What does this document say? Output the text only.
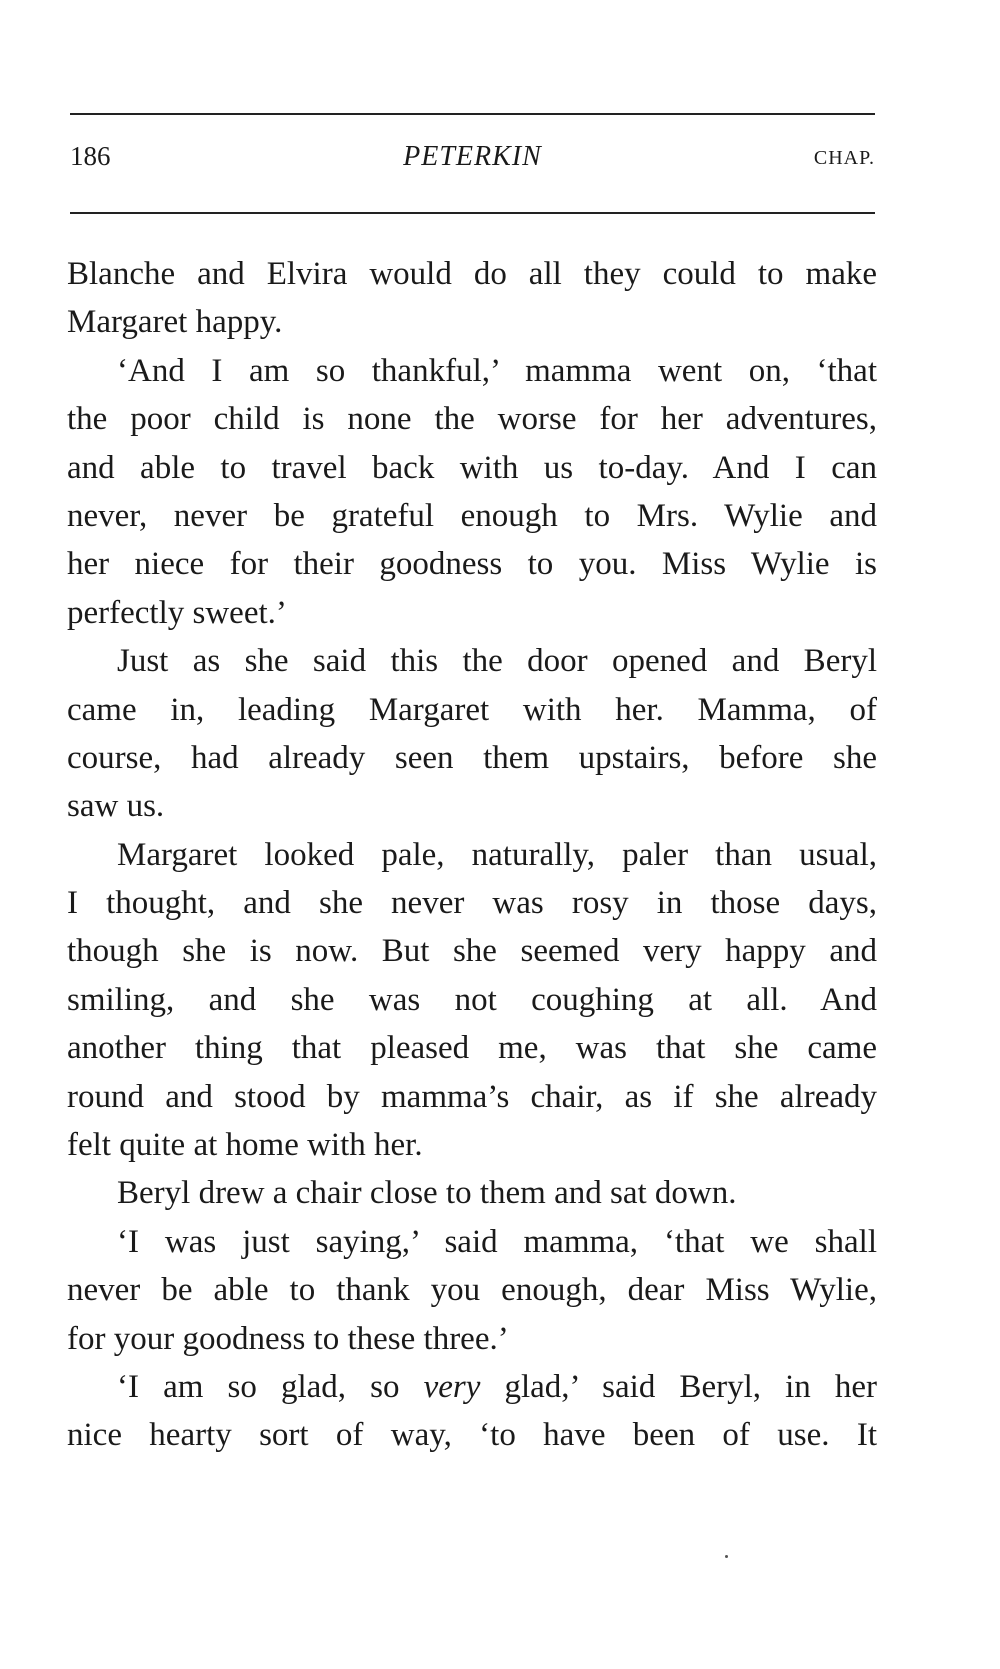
186	PETERKIN	CHAP.
Blanche and Elvira would do all they could to make
Margaret happy.
‘And I am so thankful,’ mamma went on, ‘that
the poor child is none the worse for her adventures,
and able to travel back with us to-day. And I can
never, never be grateful enough to Mrs. Wylie and
her niece for their goodness to you. Miss Wylie is
perfectly sweet.’
Just as she said this the door opened and Beryl
came in, leading Margaret with her. Mamma, of
course, had already seen them upstairs, before she
saw us.
Margaret looked pale, naturally, paler than usual,
I thought, and she never was rosy in those days,
though she is now. But she seemed very happy and
smiling, and she was not coughing at all. And
another thing that pleased me, was that she came
round and stood by mamma’s chair, as if she already
felt quite at home with her.
Beryl drew a chair close to them and sat down.
‘I was just saying,’ said mamma, ‘that we shall
never be able to thank you enough, dear Miss Wylie,
for your goodness to these three.’
‘I am so glad, so very glad,’ said Beryl, in her
nice hearty sort of way, ‘to have been of use. It
